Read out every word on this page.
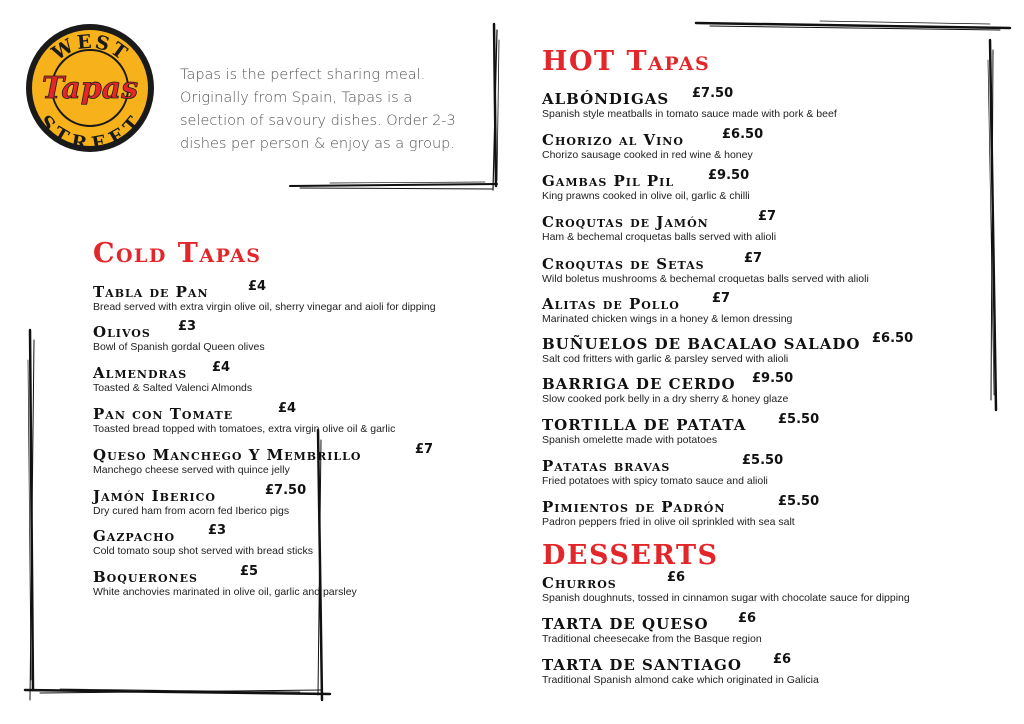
WEST
STREET
Tapas	Tapas is the perfect sharing meal. Originally from Spain, Tapas is a selection of savoury dishes. Order 2-3 dishes per person & enjoy as a group.
Cold Tapas
Tabla de Pan	£4
Bread served with extra virgin olive oil, sherry vinegar and aioli for dipping
Olivos £3
Bowl of Spanish gordal Queen olives
Almendras £4
Toasted & Salted Valenci Almonds
Pan con Tomate	£4
Toasted bread topped with tomatoes, extra virgin olive oil & garlic
Queso Manchego Y Membrillo	£7
Manchego cheese served with quince jelly
Jamón Iberico	£7.50
Dry cured ham from acorn fed Iberico pigs
Gazpacho	£3
Cold tomato soup shot served with bread sticks
Boquerones	£5
White anchovies marinated in olive oil, garlic and parsley
HOT Tapas
ALBÓNDIGAS £7.50
Spanish style meatballs in tomato sauce made with pork & beef
Chorizo al Vino	£6.50
Chorizo sausage cooked in red wine & honey
Gambas Pil Pil	£9.50
King prawns cooked in olive oil, garlic & chilli
Croqutas de Jamón	£7
Ham & bechemal croquetas balls served with alioli
Croqutas de Setas	£7
Wild boletus mushrooms & bechemal croquetas balls served with alioli
Alitas de Pollo £7
Marinated chicken wings in a honey & lemon dressing
BUÑUELOS DE BACALAO SALADO £6.50
Salt cod fritters with garlic & parsley served with alioli
BARRIGA DE CERDO £9.50
Slow cooked pork belly in a dry sherry & honey glaze
TORTILLA DE PATATA £5.50
Spanish omelette made with potatoes
Patatas bravas	£5.50
Fried potatoes with spicy tomato sauce and alioli
Pimientos de Padrón	£5.50
Padron peppers fried in olive oil sprinkled with sea salt
DESSERTS
Churros	£6
Spanish doughnuts, tossed in cinnamon sugar with chocolate sauce for dipping
TARTA DE QUESO £6
Traditional cheesecake from the Basque region
TARTA DE SANTIAGO £6
Traditional Spanish almond cake which originated in Galicia
